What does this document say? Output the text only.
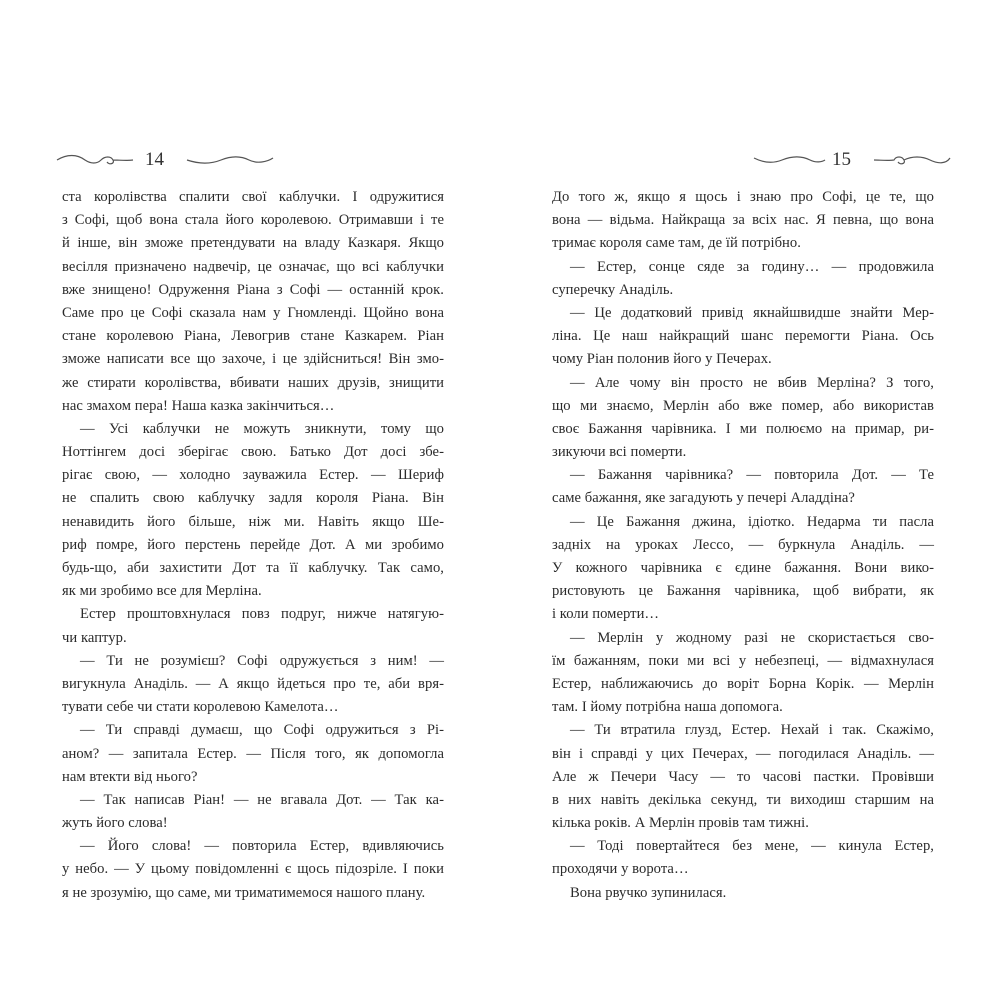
14
ста королівства спалити свої каблучки. І одружитися
з Софі, щоб вона стала його королевою. Отримавши і те
й інше, він зможе претендувати на владу Казкаря. Якщо
весілля призначено надвечір, це означає, що всі каблучки
вже знищено! Одруження Ріана з Софі — останній крок.
Саме про це Софі сказала нам у Гномленді. Щойно вона
стане королевою Ріана, Левогрив стане Казкарем. Ріан
зможе написати все що захоче, і це здійсниться! Він змо-
же стирати королівства, вбивати наших друзів, знищити
нас змахом пера! Наша казка закінчиться…
— Усі каблучки не можуть зникнути, тому що
Ноттінгем досі зберігає свою. Батько Дот досі збе-
рігає свою, — холодно зауважила Естер. — Шериф
не спалить свою каблучку задля короля Ріана. Він
ненавидить його більше, ніж ми. Навіть якщо Ше-
риф помре, його перстень перейде Дот. А ми зробимо
будь-що, аби захистити Дот та її каблучку. Так само,
як ми зробимо все для Мерліна.
Естер проштовхнулася повз подруг, нижче натягую-
чи каптур.
— Ти не розумієш? Софі одружується з ним! —
вигукнула Анаділь. — А якщо йдеться про те, аби вря-
тувати себе чи стати королевою Камелота…
— Ти справді думаєш, що Софі одружиться з Рі-
аном? — запитала Естер. — Після того, як допомогла
нам втекти від нього?
— Так написав Ріан! — не вгавала Дот. — Так ка-
жуть його слова!
— Його слова! — повторила Естер, вдивляючись
у небо. — У цьому повідомленні є щось підозріле. І поки
я не зрозумію, що саме, ми триматимемося нашого плану.
15
До того ж, якщо я щось і знаю про Софі, це те, що
вона — відьма. Найкраща за всіх нас. Я певна, що вона
тримає короля саме там, де їй потрібно.
— Естер, сонце сяде за годину… — продовжила
суперечку Анаділь.
— Це додатковий привід якнайшвидше знайти Мер-
ліна. Це наш найкращий шанс перемогти Ріана. Ось
чому Ріан полонив його у Печерах.
— Але чому він просто не вбив Мерліна? З того,
що ми знаємо, Мерлін або вже помер, або використав
своє Бажання чарівника. І ми полюємо на примар, ри-
зикуючи всі померти.
— Бажання чарівника? — повторила Дот. — Те
саме бажання, яке загадують у печері Аладдіна?
— Це Бажання джина, ідіотко. Недарма ти пасла
задніх на уроках Лессо, — буркнула Анаділь. —
У кожного чарівника є єдине бажання. Вони вико-
ристовують це Бажання чарівника, щоб вибрати, як
і коли померти…
— Мерлін у жодному разі не скористається сво-
їм бажанням, поки ми всі у небезпеці, — відмахнулася
Естер, наближаючись до воріт Борна Корік. — Мерлін
там. І йому потрібна наша допомога.
— Ти втратила глузд, Естер. Нехай і так. Скажімо,
він і справді у цих Печерах, — погодилася Анаділь. —
Але ж Печери Часу — то часові пастки. Провівши
в них навіть декілька секунд, ти виходиш старшим на
кілька років. А Мерлін провів там тижні.
— Тоді повертайтеся без мене, — кинула Естер,
проходячи у ворота…
Вона рвучко зупинилася.
